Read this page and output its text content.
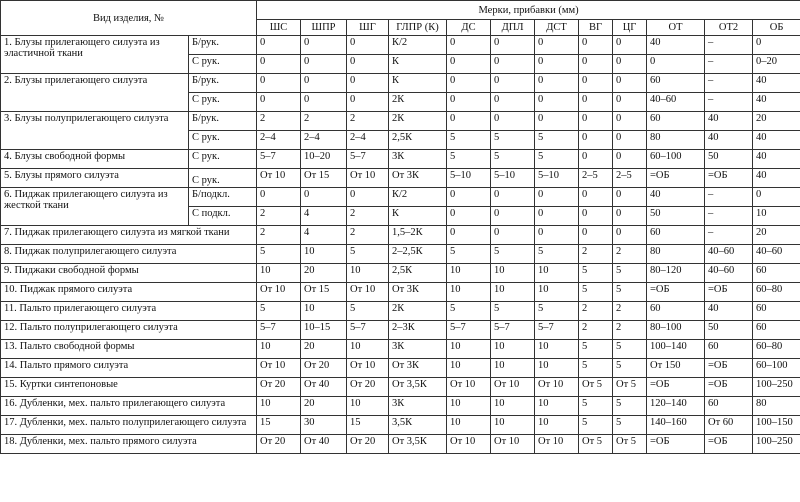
Вид изделия, №		Мерки, прибавки (мм)											
		ШС	ШПР	ШГ	ГЛПР (К)	ДС	ДПЛ	ДСТ	ВГ	ЦГ	ОТ	ОТ2	ОБ
1. Блузы прилегающего силуэта из эластичной ткани	Б/рук.	0	0	0	К/2	0	0	0	0	0	40	–	0
	С рук.	0	0	0	К	0	0	0	0	0	0	–	0–20
2. Блузы прилегающего силуэта	Б/рук.	0	0	0	К	0	0	0	0	0	60	–	40
	С рук.	0	0	0	2К	0	0	0	0	0	40–60	–	40
3. Блузы полуприлегающего силуэта	Б/рук.	2	2	2	2К	0	0	0	0	0	60	40	20
	С рук.	2–4	2–4	2–4	2,5К	5	5	5	0	0	80	40	40
4. Блузы свободной формы	С рук.	5–7	10–20	5–7	3К	5	5	5	0	0	60–100	50	40
5. Блузы прямого силуэта	С рук.	От 10	От 15	От 10	От 3К	5–10	5–10	5–10	2–5	2–5	=ОБ	=ОБ	40
6. Пиджак прилегающего силуэта из жесткой ткани	Б/подкл.	0	0	0	К/2	0	0	0	0	0	40	–	0
	С подкл.	2	4	2	К	0	0	0	0	0	50	–	10
7. Пиджак прилегающего силуэта из мягкой ткани		2	4	2	1,5–2К	0	0	0	0	0	60	–	20
8. Пиджак полуприлегающего силуэта		5	10	5	2–2,5К	5	5	5	2	2	80	40–60	40–60
9. Пиджаки свободной формы		10	20	10	2,5К	10	10	10	5	5	80–120	40–60	60
10. Пиджак прямого силуэта		От 10	От 15	От 10	От 3К	10	10	10	5	5	=ОБ	=ОБ	60–80
11. Пальто прилегающего силуэта		5	10	5	2К	5	5	5	2	2	60	40	60
12. Пальто полуприлегающего силуэта		5–7	10–15	5–7	2–3К	5–7	5–7	5–7	2	2	80–100	50	60
13. Пальто свободной формы		10	20	10	3К	10	10	10	5	5	100–140	60	60–80
14. Пальто прямого силуэта		От 10	От 20	От 10	От 3К	10	10	10	5	5	От 150	=ОБ	60–100
15. Куртки синтепоновые		От 20	От 40	От 20	От 3,5К	От 10	От 10	От 10	От 5	От 5	=ОБ	=ОБ	100–250
16. Дубленки, мех. пальто прилегающего силуэта		10	20	10	3К	10	10	10	5	5	120–140	60	80
17. Дубленки, мех. пальто полуприлегающего силуэта		15	30	15	3,5К	10	10	10	5	5	140–160	От 60	100–150
18. Дубленки, мех. пальто прямого силуэта		От 20	От 40	От 20	От 3,5К	От 10	От 10	От 10	От 5	От 5	=ОБ	=ОБ	100–250
